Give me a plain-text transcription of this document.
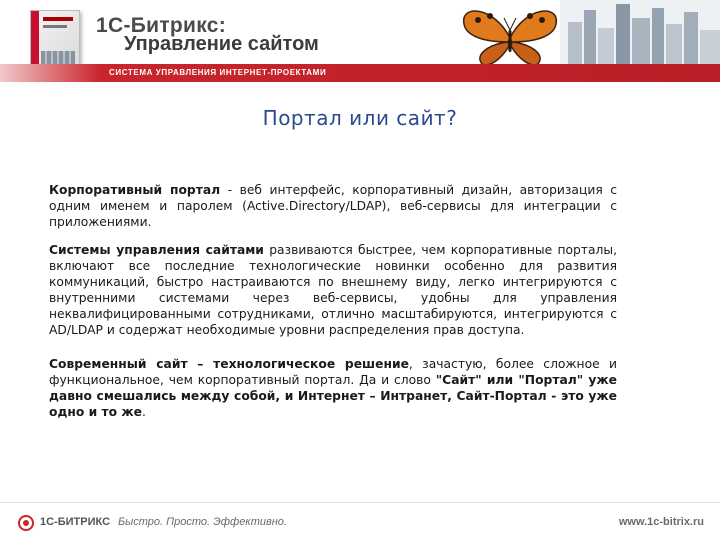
1С-Битрикс:
Управление сайтом
СИСТЕМА УПРАВЛЕНИЯ ИНТЕРНЕТ-ПРОЕКТАМИ
Портал или сайт?

Корпоративный портал - веб интерфейс, корпоративный дизайн, авторизация с одним именем и паролем (Active.Directory/LDAP), веб-сервисы для интеграции с приложениями.

Системы управления сайтами развиваются быстрее, чем корпоративные порталы, включают все последние технологические новинки особенно для развития коммуникаций, быстро настраиваются по внешнему виду, легко интегрируются с внутренними системами через веб-сервисы, удобны для управления неквалифицированными сотрудниками, отлично масштабируются, интегрируются с AD/LDAP и содержат необходимые уровни распределения прав доступа.

Современный сайт – технологическое решение, зачастую, более сложное и функциональное, чем корпоративный портал. Да и слово "Сайт" или "Портал" уже давно смешались между собой, и Интернет – Интранет, Сайт-Портал - это уже одно и то же.

1С-БИТРИКС Быстро. Просто. Эффективно.	www.1c-bitrix.ru
